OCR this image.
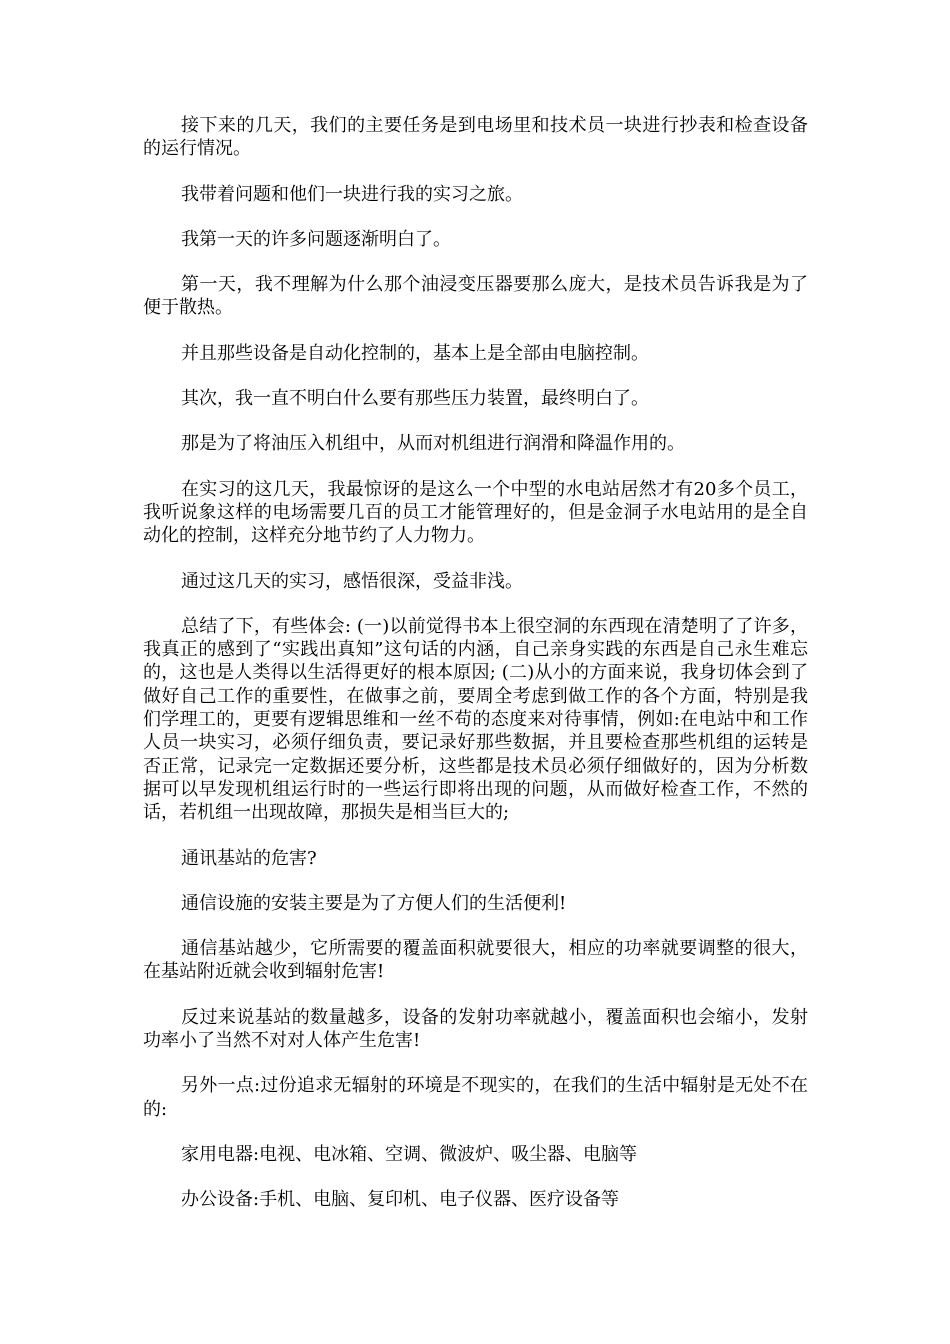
接下来的几天，我们的主要任务是到电场里和技术员一块进行抄表和检查设备的运行情况。

我带着问题和他们一块进行我的实习之旅。

我第一天的许多问题逐渐明白了。

第一天，我不理解为什么那个油浸变压器要那么庞大，是技术员告诉我是为了便于散热。

并且那些设备是自动化控制的，基本上是全部由电脑控制。

其次，我一直不明白什么要有那些压力装置，最终明白了。

那是为了将油压入机组中，从而对机组进行润滑和降温作用的。

在实习的这几天，我最惊讶的是这么一个中型的水电站居然才有20多个员工，我听说象这样的电场需要几百的员工才能管理好的，但是金洞子水电站用的是全自动化的控制，这样充分地节约了人力物力。

通过这几天的实习，感悟很深，受益非浅。

总结了下，有些体会: (一)以前觉得书本上很空洞的东西现在清楚明了了许多，我真正的感到了“实践出真知”这句话的内涵，自己亲身实践的东西是自己永生难忘的，这也是人类得以生活得更好的根本原因; (二)从小的方面来说，我身切体会到了做好自己工作的重要性，在做事之前，要周全考虑到做工作的各个方面，特别是我们学理工的，更要有逻辑思维和一丝不苟的态度来对待事情，例如:在电站中和工作人员一块实习，必须仔细负责，要记录好那些数据，并且要检查那些机组的运转是否正常，记录完一定数据还要分析，这些都是技术员必须仔细做好的，因为分析数据可以早发现机组运行时的一些运行即将出现的问题，从而做好检查工作，不然的话，若机组一出现故障，那损失是相当巨大的;

通讯基站的危害?

通信设施的安装主要是为了方便人们的生活便利!

通信基站越少，它所需要的覆盖面积就要很大，相应的功率就要调整的很大，在基站附近就会收到辐射危害!

反过来说基站的数量越多，设备的发射功率就越小，覆盖面积也会缩小，发射功率小了当然不对对人体产生危害!

另外一点:过份追求无辐射的环境是不现实的，在我们的生活中辐射是无处不在的:

家用电器:电视、电冰箱、空调、微波炉、吸尘器、电脑等

办公设备:手机、电脑、复印机、电子仪器、医疗设备等
